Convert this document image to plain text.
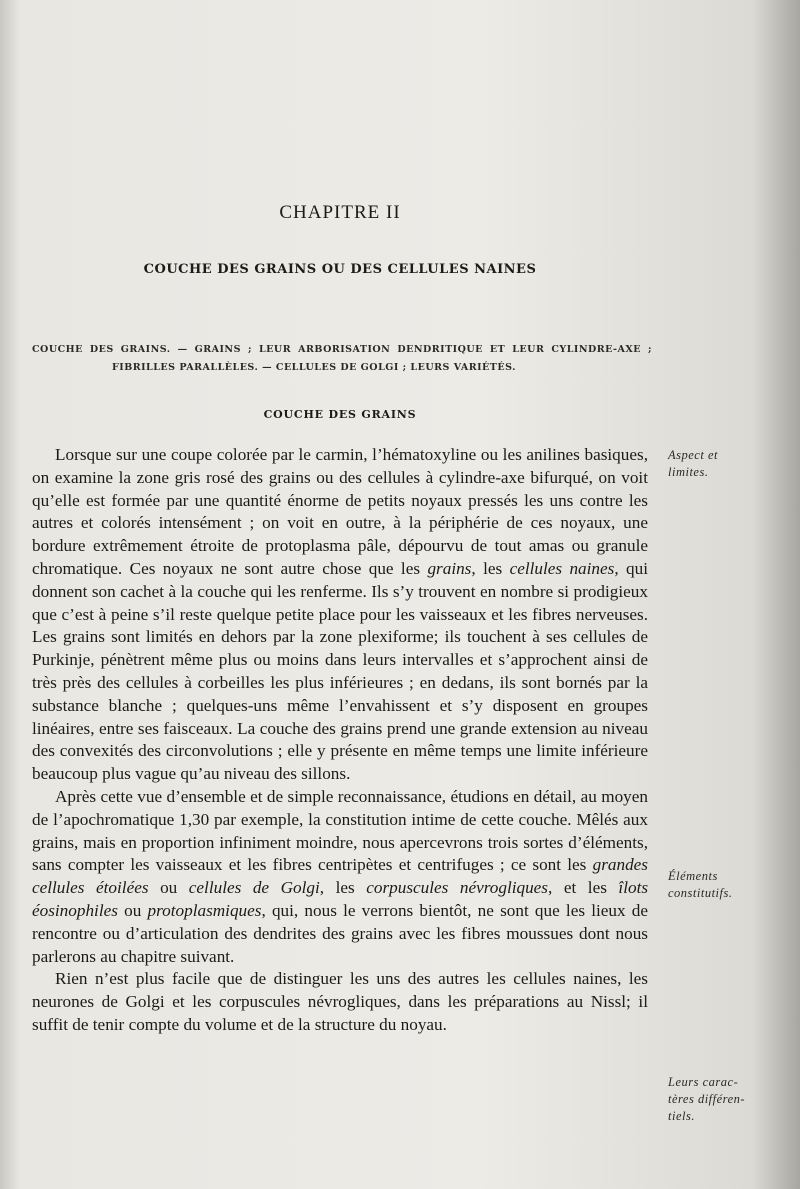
CHAPITRE II
COUCHE DES GRAINS OU DES CELLULES NAINES
COUCHE DES GRAINS. — GRAINS ; LEUR ARBORISATION DENDRITIQUE ET LEUR CYLINDRE-AXE ;
FIBRILLES PARALLÈLES. — CELLULES DE GOLGI ; LEURS VARIÉTÉS.
COUCHE DES GRAINS

Lorsque sur une coupe colorée par le carmin, l’hématoxyline ou les anilines basiques, on examine la zone gris rosé des grains ou des cellules à cylindre-axe bifurqué, on voit qu’elle est formée par une quantité énorme de petits noyaux pressés les uns contre les autres et colorés intensément ; on voit en outre, à la périphérie de ces noyaux, une bordure extrêmement étroite de protoplasma pâle, dépourvu de tout amas ou granule chromatique. Ces noyaux ne sont autre chose que les grains, les cellules naines, qui donnent son cachet à la couche qui les renferme. Ils s’y trouvent en nombre si prodigieux que c’est à peine s’il reste quelque petite place pour les vaisseaux et les fibres nerveuses. Les grains sont limités en dehors par la zone plexiforme; ils touchent à ses cellules de Purkinje, pénètrent même plus ou moins dans leurs intervalles et s’approchent ainsi de très près des cellules à corbeilles les plus inférieures ; en dedans, ils sont bornés par la substance blanche ; quelques-uns même l’envahissent et s’y disposent en groupes linéaires, entre ses faisceaux. La couche des grains prend une grande extension au niveau des convexités des circonvolutions ; elle y présente en même temps une limite inférieure beaucoup plus vague qu’au niveau des sillons.

Après cette vue d’ensemble et de simple reconnaissance, étudions en détail, au moyen de l’apochromatique 1,30 par exemple, la constitution intime de cette couche. Mêlés aux grains, mais en proportion infiniment moindre, nous apercevrons trois sortes d’éléments, sans compter les vaisseaux et les fibres centripètes et centrifuges ; ce sont les grandes cellules étoilées ou cellules de Golgi, les corpuscules névrogliques, et les îlots éosinophiles ou protoplasmiques, qui, nous le verrons bientôt, ne sont que les lieux de rencontre ou d’articulation des dendrites des grains avec les fibres moussues dont nous parlerons au chapitre suivant.

Rien n’est plus facile que de distinguer les uns des autres les cellules naines, les neurones de Golgi et les corpuscules névrogliques, dans les préparations au Nissl; il suffit de tenir compte du volume et de la structure du noyau.

Aspect et
limites.
Éléments
constitutifs.
Leurs carac-
tères différen-
tiels.
